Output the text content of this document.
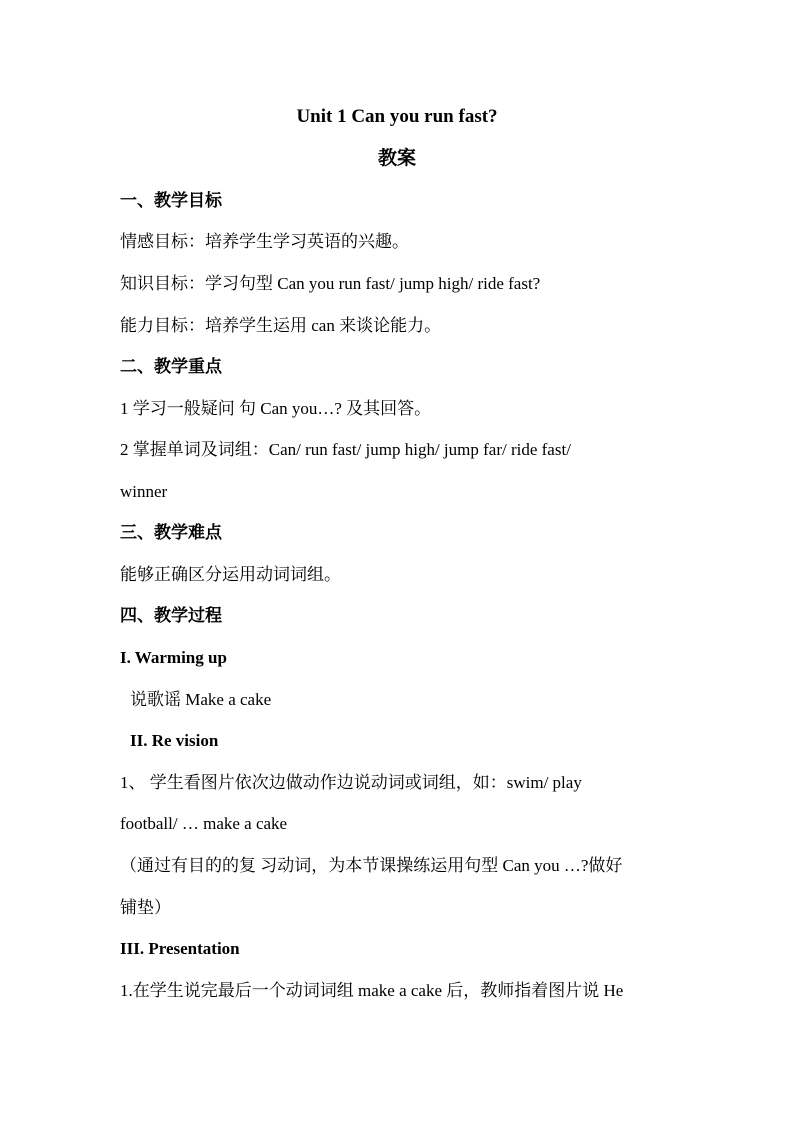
Unit 1 Can you run fast?
教案
一、教学目标
情感目标：培养学生学习英语的兴趣。
知识目标：学习句型 Can you run fast/ jump high/ ride fast?
能力目标：培养学生运用 can 来谈论能力。
二、教学重点
1 学习一般疑问 句 Can you…? 及其回答。
2 掌握单词及词组：Can/ run fast/ jump high/ jump far/ ride fast/
winner
三、教学难点
能够正确区分运用动词词组。
四、教学过程
I. Warming up
说歌谣 Make a cake
II. Re vision
1、 学生看图片依次边做动作边说动词或词组，如：swim/ play
football/ … make a cake
（通过有目的的复 习动词，为本节课操练运用句型 Can you …?做好
铺垫）
III. Presentation
1.在学生说完最后一个动词词组 make a cake 后，教师指着图片说 He
